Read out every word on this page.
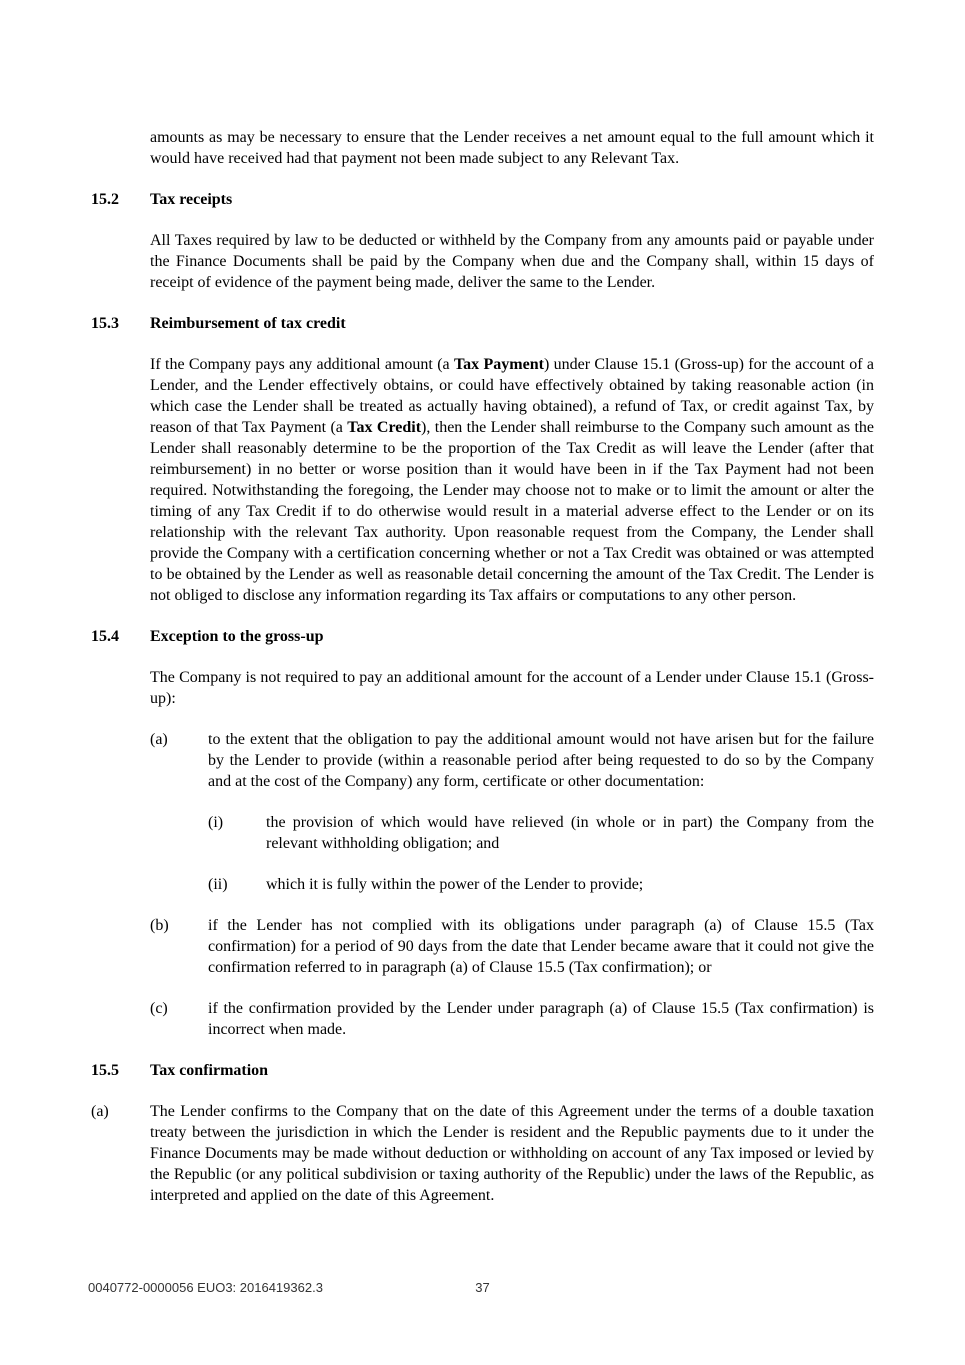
amounts as may be necessary to ensure that the Lender receives a net amount equal to the full amount which it would have received had that payment not been made subject to any Relevant Tax.

15.2	Tax receipts

All Taxes required by law to be deducted or withheld by the Company from any amounts paid or payable under the Finance Documents shall be paid by the Company when due and the Company shall, within 15 days of receipt of evidence of the payment being made, deliver the same to the Lender.

15.3	Reimbursement of tax credit

If the Company pays any additional amount (a Tax Payment) under Clause 15.1 (Gross-up) for the account of a Lender, and the Lender effectively obtains, or could have effectively obtained by taking reasonable action (in which case the Lender shall be treated as actually having obtained), a refund of Tax, or credit against Tax, by reason of that Tax Payment (a Tax Credit), then the Lender shall reimburse to the Company such amount as the Lender shall reasonably determine to be the proportion of the Tax Credit as will leave the Lender (after that reimbursement) in no better or worse position than it would have been in if the Tax Payment had not been required. Notwithstanding the foregoing, the Lender may choose not to make or to limit the amount or alter the timing of any Tax Credit if to do otherwise would result in a material adverse effect to the Lender or on its relationship with the relevant Tax authority. Upon reasonable request from the Company, the Lender shall provide the Company with a certification concerning whether or not a Tax Credit was obtained or was attempted to be obtained by the Lender as well as reasonable detail concerning the amount of the Tax Credit. The Lender is not obliged to disclose any information regarding its Tax affairs or computations to any other person.

15.4	Exception to the gross-up

The Company is not required to pay an additional amount for the account of a Lender under Clause 15.1 (Gross-up):

(a)	to the extent that the obligation to pay the additional amount would not have arisen but for the failure by the Lender to provide (within a reasonable period after being requested to do so by the Company and at the cost of the Company) any form, certificate or other documentation:
(i)	the provision of which would have relieved (in whole or in part) the Company from the relevant withholding obligation; and
(ii)	which it is fully within the power of the Lender to provide;
(b)	if the Lender has not complied with its obligations under paragraph (a) of Clause 15.5 (Tax confirmation) for a period of 90 days from the date that Lender became aware that it could not give the confirmation referred to in paragraph (a) of Clause 15.5 (Tax confirmation); or
(c)	if the confirmation provided by the Lender under paragraph (a) of Clause 15.5 (Tax confirmation) is incorrect when made.
15.5	Tax confirmation
(a)	The Lender confirms to the Company that on the date of this Agreement under the terms of a double taxation treaty between the jurisdiction in which the Lender is resident and the Republic payments due to it under the Finance Documents may be made without deduction or withholding on account of any Tax imposed or levied by the Republic (or any political subdivision or taxing authority of the Republic) under the laws of the Republic, as interpreted and applied on the date of this Agreement.
0040772-0000056 EUO3: 2016419362.3	37
